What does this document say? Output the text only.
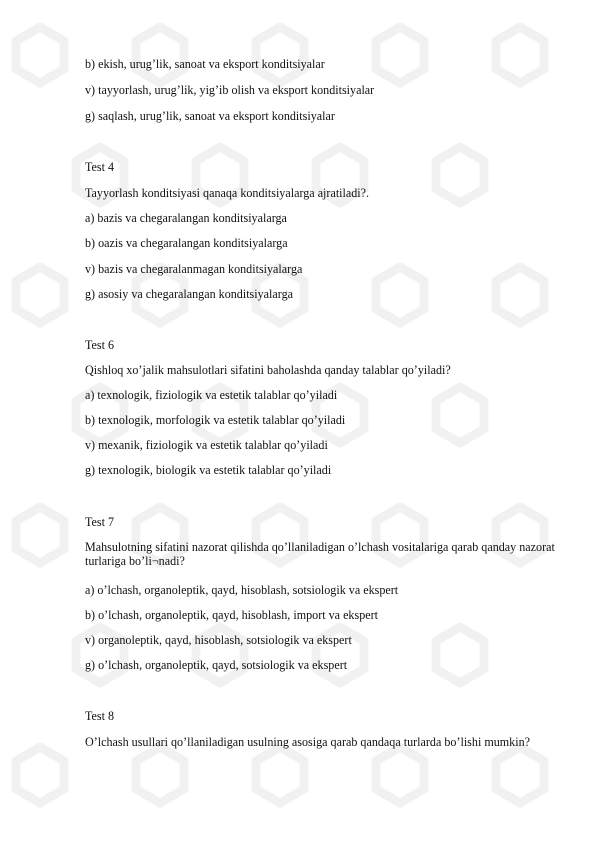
b) ekish, urug’lik, sanoat va eksport konditsiyalar
v) tayyorlash, urug’lik, yig’ib olish va eksport konditsiyalar
g) saqlash, urug’lik, sanoat va eksport konditsiyalar
Test 4
Tayyorlash konditsiyasi qanaqa konditsiyalarga ajratiladi?.
a) bazis va chegaralangan konditsiyalarga
b) oazis va chegaralangan konditsiyalarga
v) bazis va chegaralanmagan konditsiyalarga
g) asosiy va chegaralangan konditsiyalarga
Test 6
Qishloq xo’jalik mahsulotlari sifatini baholashda qanday talablar qo’yiladi?
a) texnologik, fiziologik va estetik talablar qo’yiladi
b) texnologik, morfologik va estetik talablar qo’yiladi
v) mexanik, fiziologik va estetik talablar qo’yiladi
g) texnologik, biologik va estetik talablar qo’yiladi
Test 7
Mahsulotning sifatini nazorat qilishda qo’llaniladigan o’lchash vositalariga qarab qanday nazorat turlariga bo’li¬nadi?
a) o’lchash, organoleptik, qayd, hisoblash, sotsiologik va ekspert
b) o’lchash, organoleptik, qayd, hisoblash, import va ekspert
v) organoleptik, qayd, hisoblash, sotsiologik va ekspert
g) o’lchash, organoleptik, qayd, sotsiologik va ekspert
Test 8
O’lchash usullari qo’llaniladigan usulning asosiga qarab qandaqa turlarda bo’lishi mumkin?
